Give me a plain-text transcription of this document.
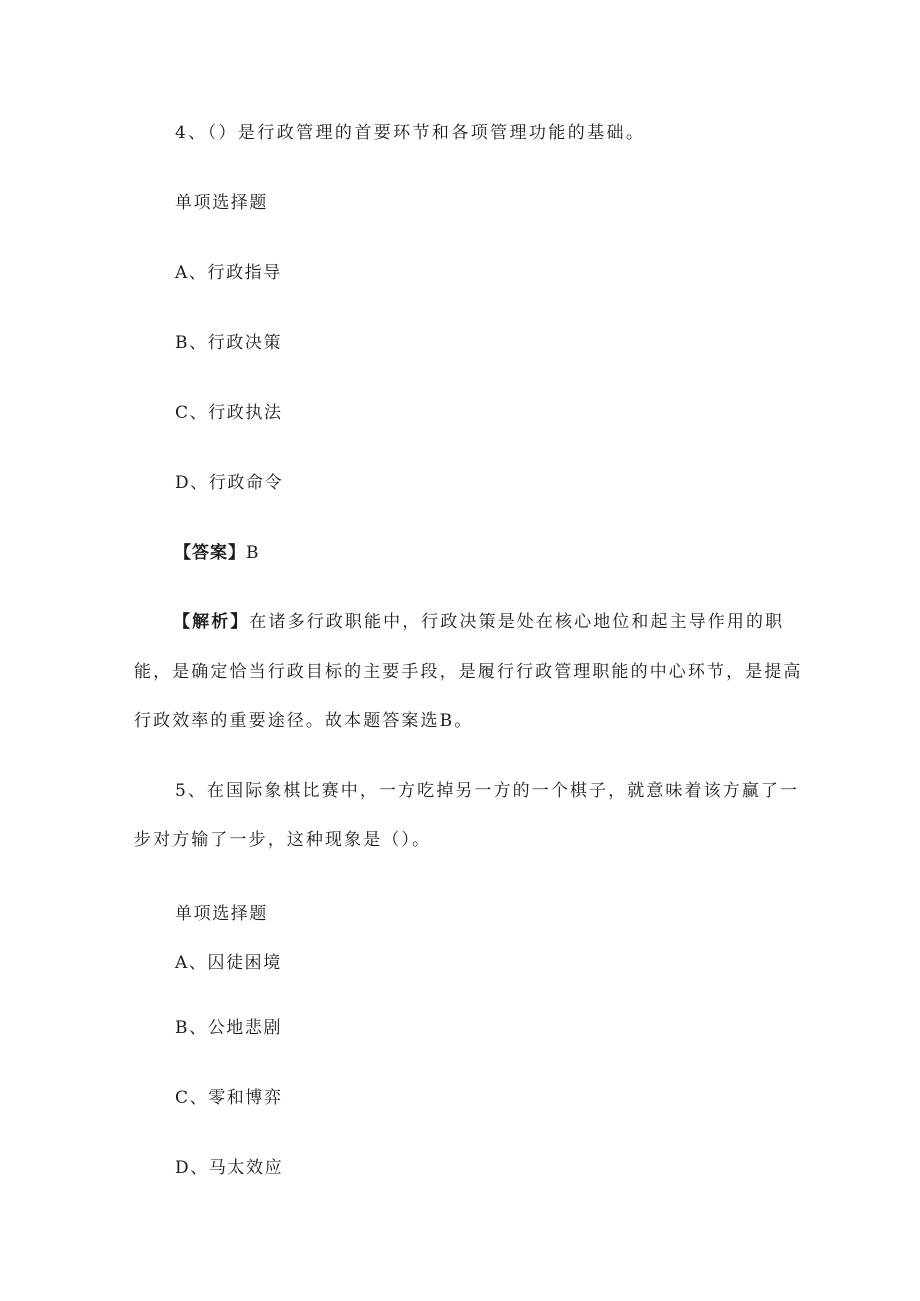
4、（）是行政管理的首要环节和各项管理功能的基础。
单项选择题
A、行政指导
B、行政决策
C、行政执法
D、行政命令
【答案】B
【解析】在诸多行政职能中，行政决策是处在核心地位和起主导作用的职
能，是确定恰当行政目标的主要手段，是履行行政管理职能的中心环节，是提高
行政效率的重要途径。故本题答案选B。
5、在国际象棋比赛中，一方吃掉另一方的一个棋子，就意味着该方赢了一
步对方输了一步，这种现象是（）。
单项选择题
A、囚徒困境
B、公地悲剧
C、零和博弈
D、马太效应
